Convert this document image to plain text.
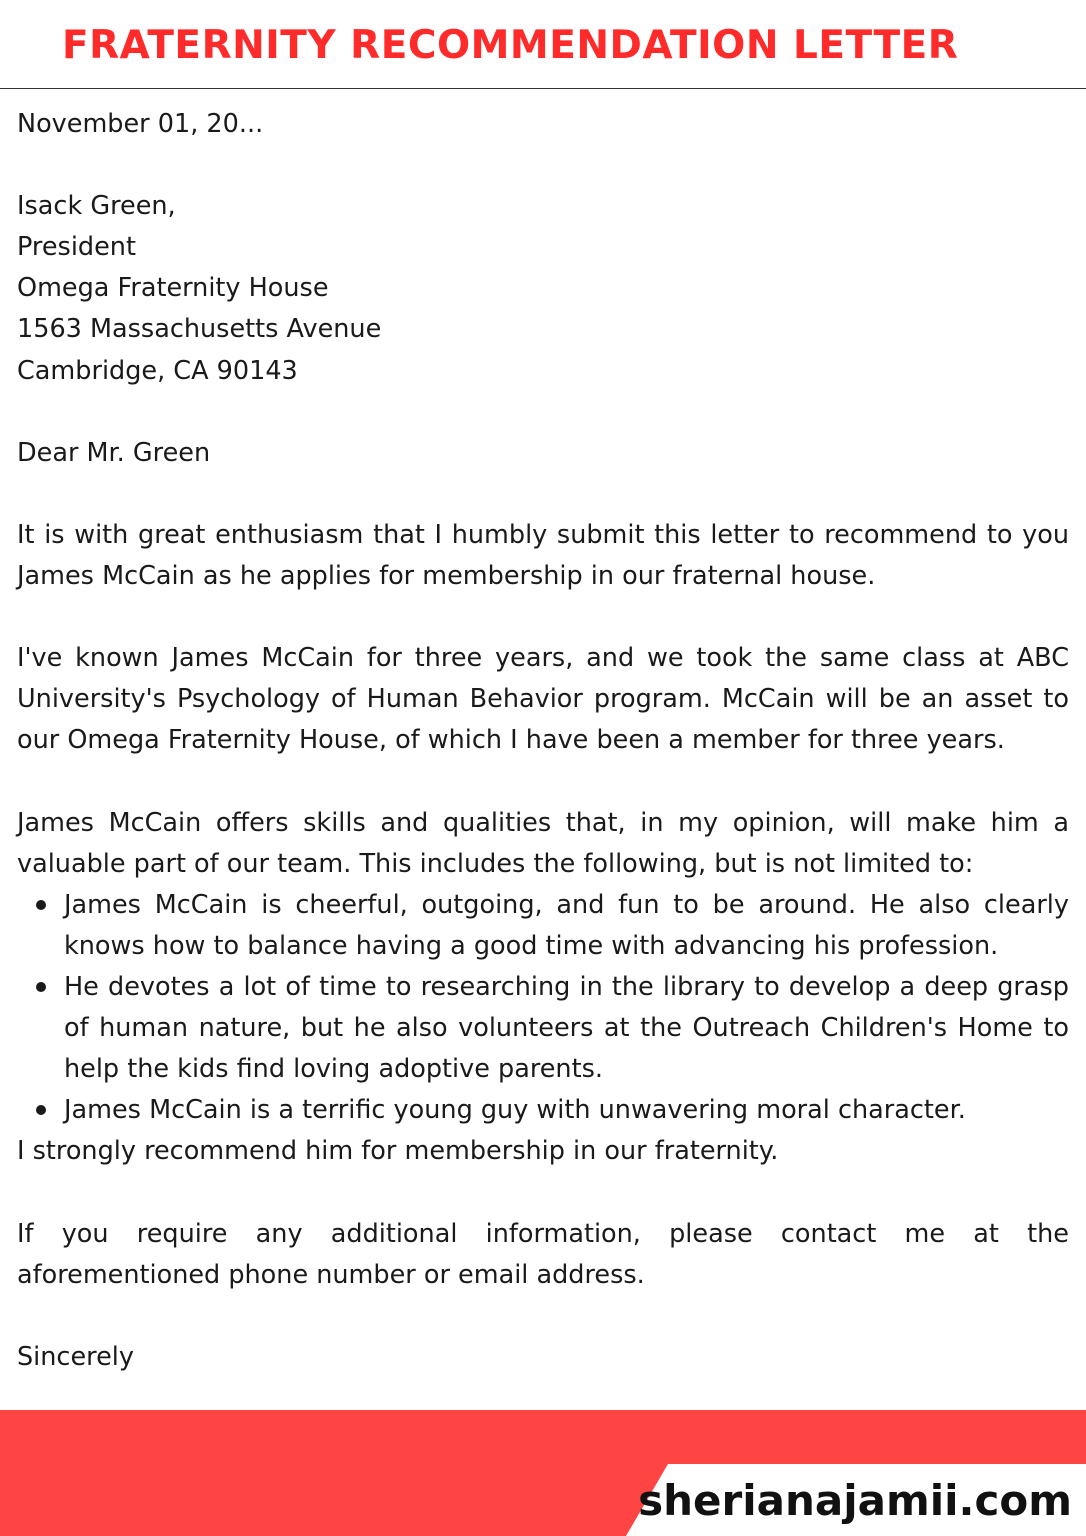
FRATERNITY RECOMMENDATION LETTER

November 01, 20...

Isack Green,

President

Omega Fraternity House

1563 Massachusetts Avenue

Cambridge, CA 90143

Dear Mr. Green

It is with great enthusiasm that I humbly submit this letter to recommend to you James McCain as he applies for membership in our fraternal house.

I've known James McCain for three years, and we took the same class at ABC University's Psychology of Human Behavior program. McCain will be an asset to our Omega Fraternity House, of which I have been a member for three years.

James McCain offers skills and qualities that, in my opinion, will make him a valuable part of our team. This includes the following, but is not limited to:

James McCain is cheerful, outgoing, and fun to be around. He also clearly knows how to balance having a good time with advancing his profession.
He devotes a lot of time to researching in the library to develop a deep grasp of human nature, but he also volunteers at the Outreach Children's Home to help the kids find loving adoptive parents.
James McCain is a terrific young guy with unwavering moral character.

I strongly recommend him for membership in our fraternity.

If you require any additional information, please contact me at the aforementioned phone number or email address.

Sincerely

sherianajamii.com
